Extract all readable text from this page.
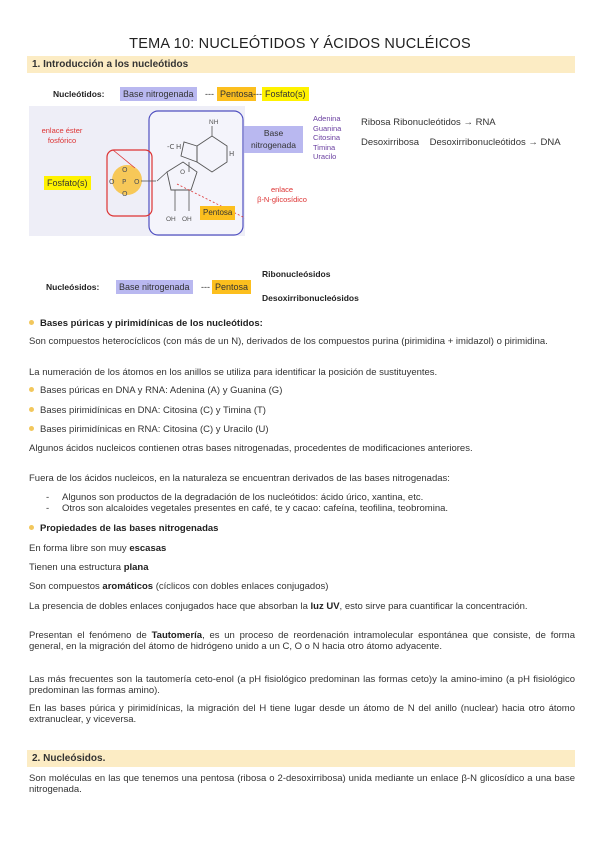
TEMA 10: NUCLEÓTIDOS Y ÁCIDOS NUCLÉICOS
1. Introducción a los nucleótidos
Nucleótidos:	Base nitrogenada	--- Pentosa --- Fosfato(s)
O
P
O
O	O
O
H
-C
H
enlace éster
fosfórico
Fosfato(s)
Pentosa
NH
OH OH
Base
nitrogenada
Adenina
Guanina
Citosina
Timina
Uracilo
enlace
β-N-glicosídico
Ribosa Ribonucleótidos → RNA
Desoxirribosa    Desoxirribonucleótidos → DNA
Nucleósidos:	Base nitrogenada	--- Pentosa
Ribonucleósidos
Desoxirribonucleósidos
Bases púricas y pirimidínicas de los nucleótidos:
Son compuestos heterocíclicos (con más de un N), derivados de los compuestos purina (pirimidina + imidazol) o pirimidina.
La numeración de los átomos en los anillos se utiliza para identificar la posición de sustituyentes.
Bases púricas en DNA y RNA: Adenina (A) y Guanina (G)
Bases pirimidínicas en DNA: Citosina (C) y Timina (T)
Bases pirimidínicas en RNA: Citosina (C) y Uracilo (U)
Algunos ácidos nucleicos contienen otras bases nitrogenadas, procedentes de modificaciones anteriores.
Fuera de los ácidos nucleicos, en la naturaleza se encuentran derivados de las bases nitrogenadas:
- Algunos son productos de la degradación de los nucleótidos: ácido úrico, xantina, etc.
- Otros son alcaloides vegetales presentes en café, te y cacao: cafeína, teofilina, teobromina.
Propiedades de las bases nitrogenadas
En forma libre son muy escasas
Tienen una estructura plana
Son compuestos aromáticos (cíclicos con dobles enlaces conjugados)
La presencia de dobles enlaces conjugados hace que absorban la luz UV, esto sirve para cuantificar la concentración.
Presentan el fenómeno de Tautomería, es un proceso de reordenación intramolecular espontánea que consiste, de forma general, en la migración del átomo de hidrógeno unido a un C, O o N hacia otro átomo adyacente.
Las más frecuentes son la tautomería ceto-enol (a pH fisiológico predominan las formas ceto)y la amino-imino (a pH fisiológico predominan las formas amino).
En las bases púrica y pirimidínicas, la migración del H tiene lugar desde un átomo de N del anillo (nuclear) hacia otro átomo extranuclear, y viceversa.
2. Nucleósidos.
Son moléculas en las que tenemos una pentosa (ribosa o 2-desoxirribosa) unida mediante un enlace β-N glicosídico a una base nitrogenada.
